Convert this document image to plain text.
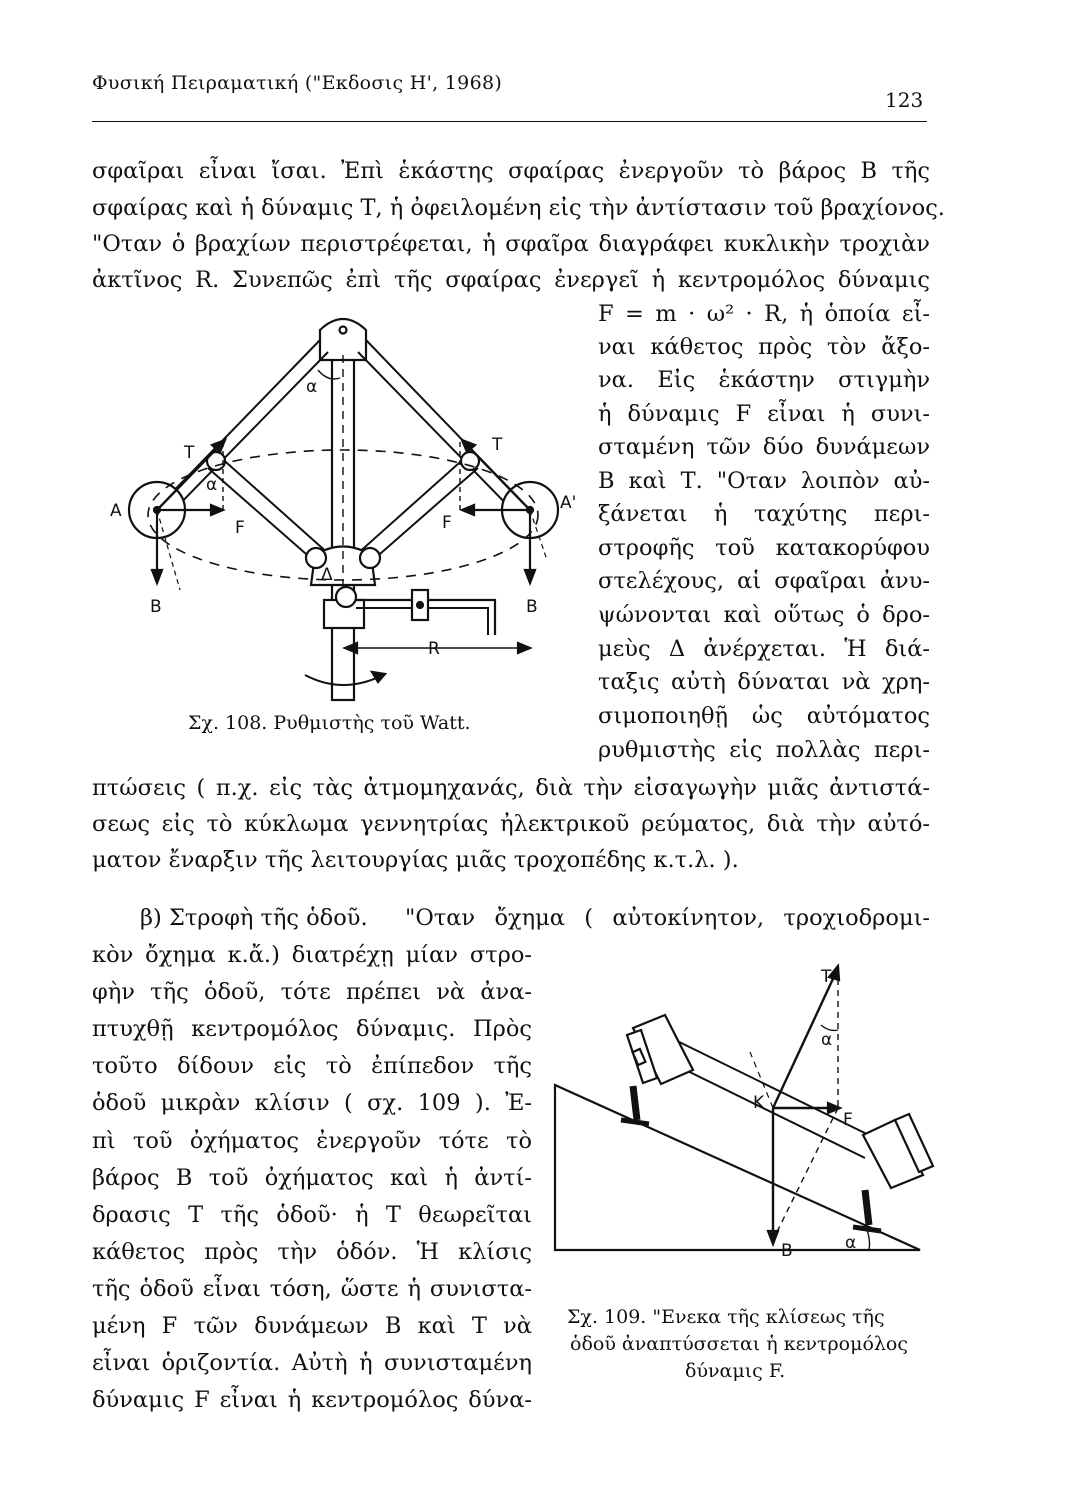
Φυσική Πειραματική ("Εκδοσις Η', 1968)
123
σφαῖραι εἶναι ἴσαι. Ἐπὶ ἑκάστης σφαίρας ἐνεργοῦν τὸ βάρος Β τῆς
σφαίρας καὶ ἡ δύναμις Τ, ἡ ὀφειλομένη εἰς τὴν ἀντίστασιν τοῦ βραχίονος.
"Οταν ὁ βραχίων περιστρέφεται, ἡ σφαῖρα διαγράφει κυκλικὴν τροχιὰν
ἀκτῖνος R. Συνεπῶς ἐπὶ τῆς σφαίρας ἐνεργεῖ ἡ κεντρομόλος δύναμις
F = m · ω² · R, ἡ ὁποία εἶ-
ναι κάθετος πρὸς τὸν ἄξο-
να. Εἰς ἑκάστην στιγμὴν
ἡ δύναμις F εἶναι ἡ συνι-
σταμένη τῶν δύο δυνάμεων
Β καὶ Τ. "Οταν λοιπὸν αὐ-
ξάνεται ἡ ταχύτης περι-
στροφῆς τοῦ κατακορύφου
στελέχους, αἱ σφαῖραι ἀνυ-
ψώνονται καὶ οὕτως ὁ δρο-
μεὺς Δ ἀνέρχεται. Ἡ διά-
ταξις αὐτὴ δύναται νὰ χρη-
σιμοποιηθῇ ὡς αὐτόματος
ρυθμιστὴς εἰς πολλὰς περι-
πτώσεις ( π.χ. εἰς τὰς ἀτμομηχανάς, διὰ τὴν εἰσαγωγὴν μιᾶς ἀντιστά-
σεως εἰς τὸ κύκλωμα γεννητρίας ἠλεκτρικοῦ ρεύματος, διὰ τὴν αὐτό-
ματον ἔναρξιν τῆς λειτουργίας μιᾶς τροχοπέδης κ.τ.λ. ).
T	T
Α	Α'
B	B
F	F
α
α
Δ
R
Σχ. 108. Ρυθμιστὴς τοῦ Watt.
β) Στροφὴ τῆς ὁδοῦ. "Οταν ὄχημα ( αὐτοκίνητον, τροχιοδρομι-
κὸν ὄχημα κ.ἄ.) διατρέχῃ μίαν στρο-
φὴν τῆς ὁδοῦ, τότε πρέπει νὰ ἀνα-
πτυχθῇ κεντρομόλος δύναμις. Πρὸς
τοῦτο δίδουν εἰς τὸ ἐπίπεδον τῆς
ὁδοῦ μικρὰν κλίσιν ( σχ. 109 ). Ἐ-
πὶ τοῦ ὀχήματος ἐνεργοῦν τότε τὸ
βάρος Β τοῦ ὀχήματος καὶ ἡ ἀντί-
δρασις Τ τῆς ὁδοῦ· ἡ Τ θεωρεῖται
κάθετος πρὸς τὴν ὁδόν. Ἡ κλίσις
τῆς ὁδοῦ εἶναι τόση, ὥστε ἡ συνιστα-
μένη F τῶν δυνάμεων Β καὶ Τ νὰ
εἶναι ὁριζοντία. Αὐτὴ ἡ συνισταμένη
δύναμις F εἶναι ἡ κεντρομόλος δύνα-
T
K
F
B
α
α
Σχ. 109. "Ενεκα τῆς κλίσεως τῆς
ὁδοῦ ἀναπτύσσεται ἡ κεντρομόλος
δύναμις F.
